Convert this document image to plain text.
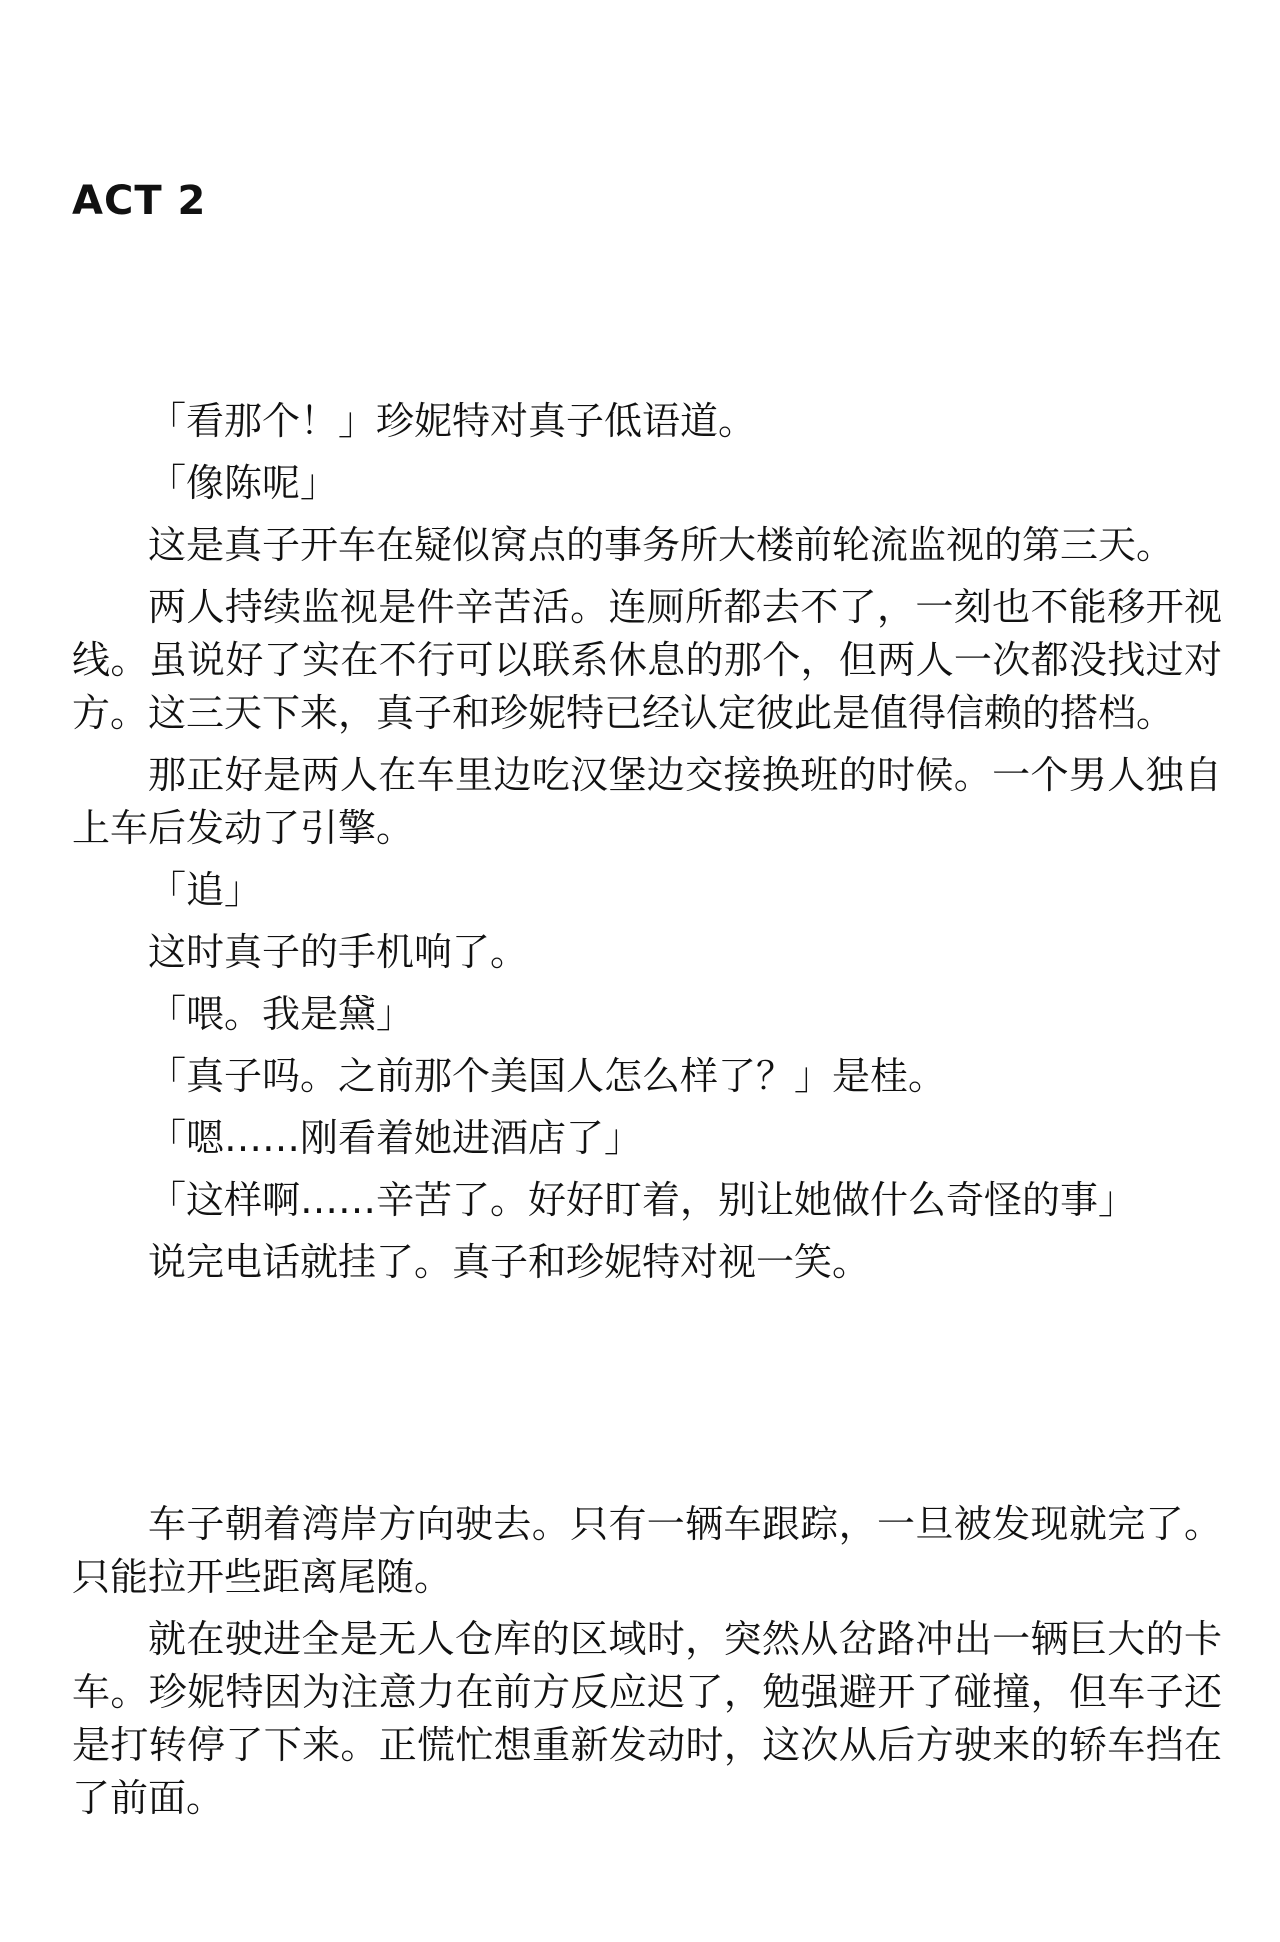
ACT 2

「看那个！」珍妮特对真子低语道。

「像陈呢」

这是真子开车在疑似窝点的事务所大楼前轮流监视的第三天。

两人持续监视是件辛苦活。连厕所都去不了，一刻也不能移开视线。虽说好了实在不行可以联系休息的那个，但两人一次都没找过对方。这三天下来，真子和珍妮特已经认定彼此是值得信赖的搭档。

那正好是两人在车里边吃汉堡边交接换班的时候。一个男人独自上车后发动了引擎。

「追」

这时真子的手机响了。

「喂。我是黛」

「真子吗。之前那个美国人怎么样了？」是桂。

「嗯……刚看着她进酒店了」

「这样啊……辛苦了。好好盯着，别让她做什么奇怪的事」

说完电话就挂了。真子和珍妮特对视一笑。

车子朝着湾岸方向驶去。只有一辆车跟踪，一旦被发现就完了。只能拉开些距离尾随。

就在驶进全是无人仓库的区域时，突然从岔路冲出一辆巨大的卡车。珍妮特因为注意力在前方反应迟了，勉强避开了碰撞，但车子还是打转停了下来。正慌忙想重新发动时，这次从后方驶来的轿车挡在了前面。
